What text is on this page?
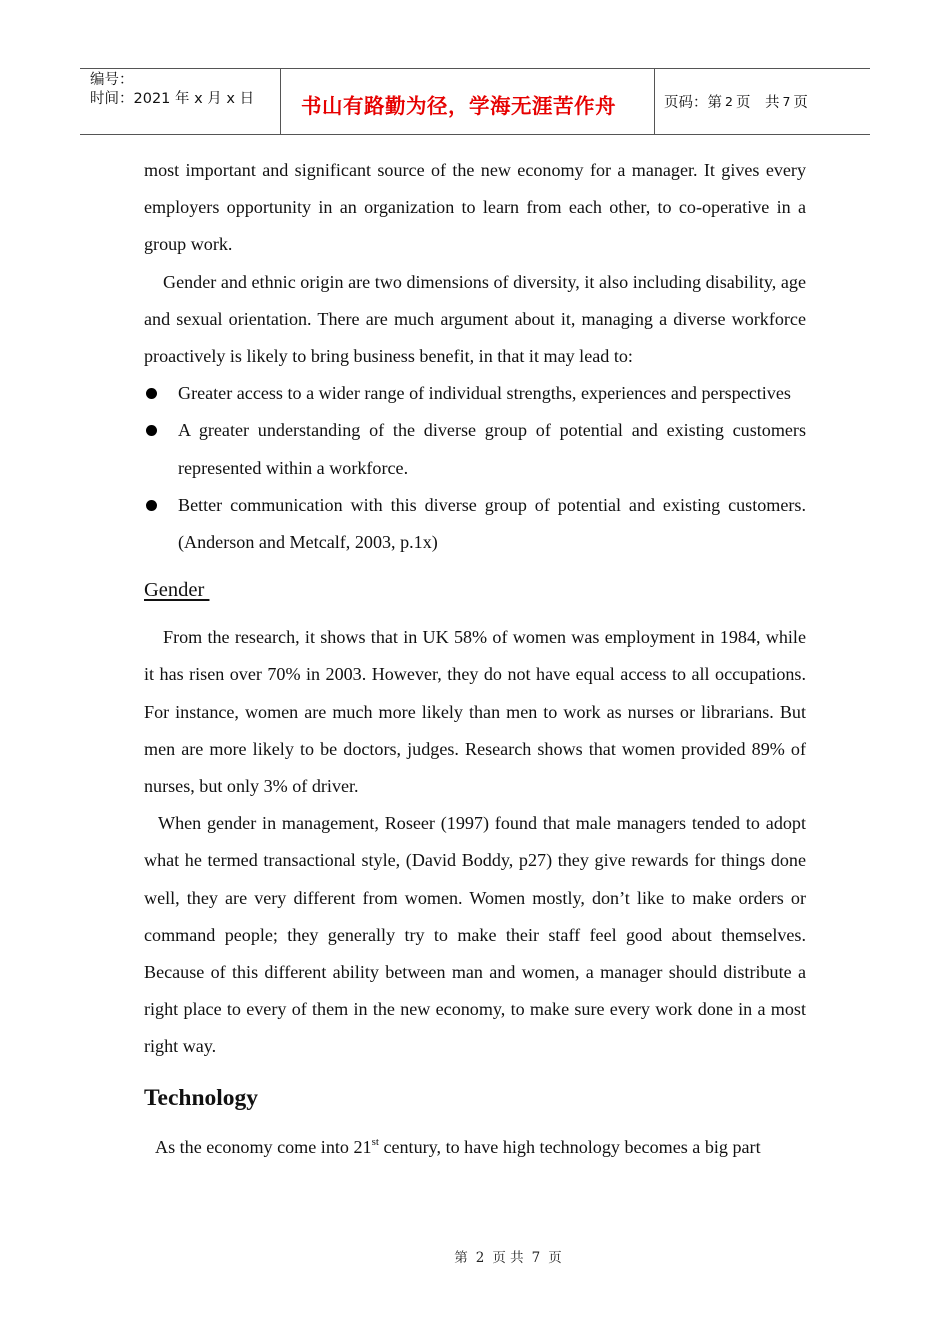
编号：
时间：2021 年 x 月 x 日	书山有路勤为径，学海无涯苦作舟	页码：第 2 页　共 7 页

most important and significant source of the new economy for a manager. It gives every employers opportunity in an organization to learn from each other, to co-operative in a group work.

Gender and ethnic origin are two dimensions of diversity, it also including disability, age and sexual orientation. There are much argument about it, managing a diverse workforce proactively is likely to bring business benefit, in that it may lead to:

Greater access to a wider range of individual strengths, experiences and perspectives
A greater understanding of the diverse group of potential and existing customers represented within a workforce.
Better communication with this diverse group of potential and existing customers. (Anderson and Metcalf, 2003, p.1x)
Gender

From the research, it shows that in UK 58% of women was employment in 1984, while it has risen over 70% in 2003. However, they do not have equal access to all occupations. For instance, women are much more likely than men to work as nurses or librarians. But men are more likely to be doctors, judges. Research shows that women provided 89% of nurses, but only 3% of driver.

When gender in management, Roseer (1997) found that male managers tended to adopt what he termed transactional style, (David Boddy, p27) they give rewards for things done well, they are very different from women. Women mostly, don’t like to make orders or command people; they generally try to make their staff feel good about themselves. Because of this different ability between man and women, a manager should distribute a right place to every of them in the new economy, to make sure every work done in a most right way.

Technology

As the economy come into 21st century, to have high technology becomes a big part

第 2 页 共 7 页
